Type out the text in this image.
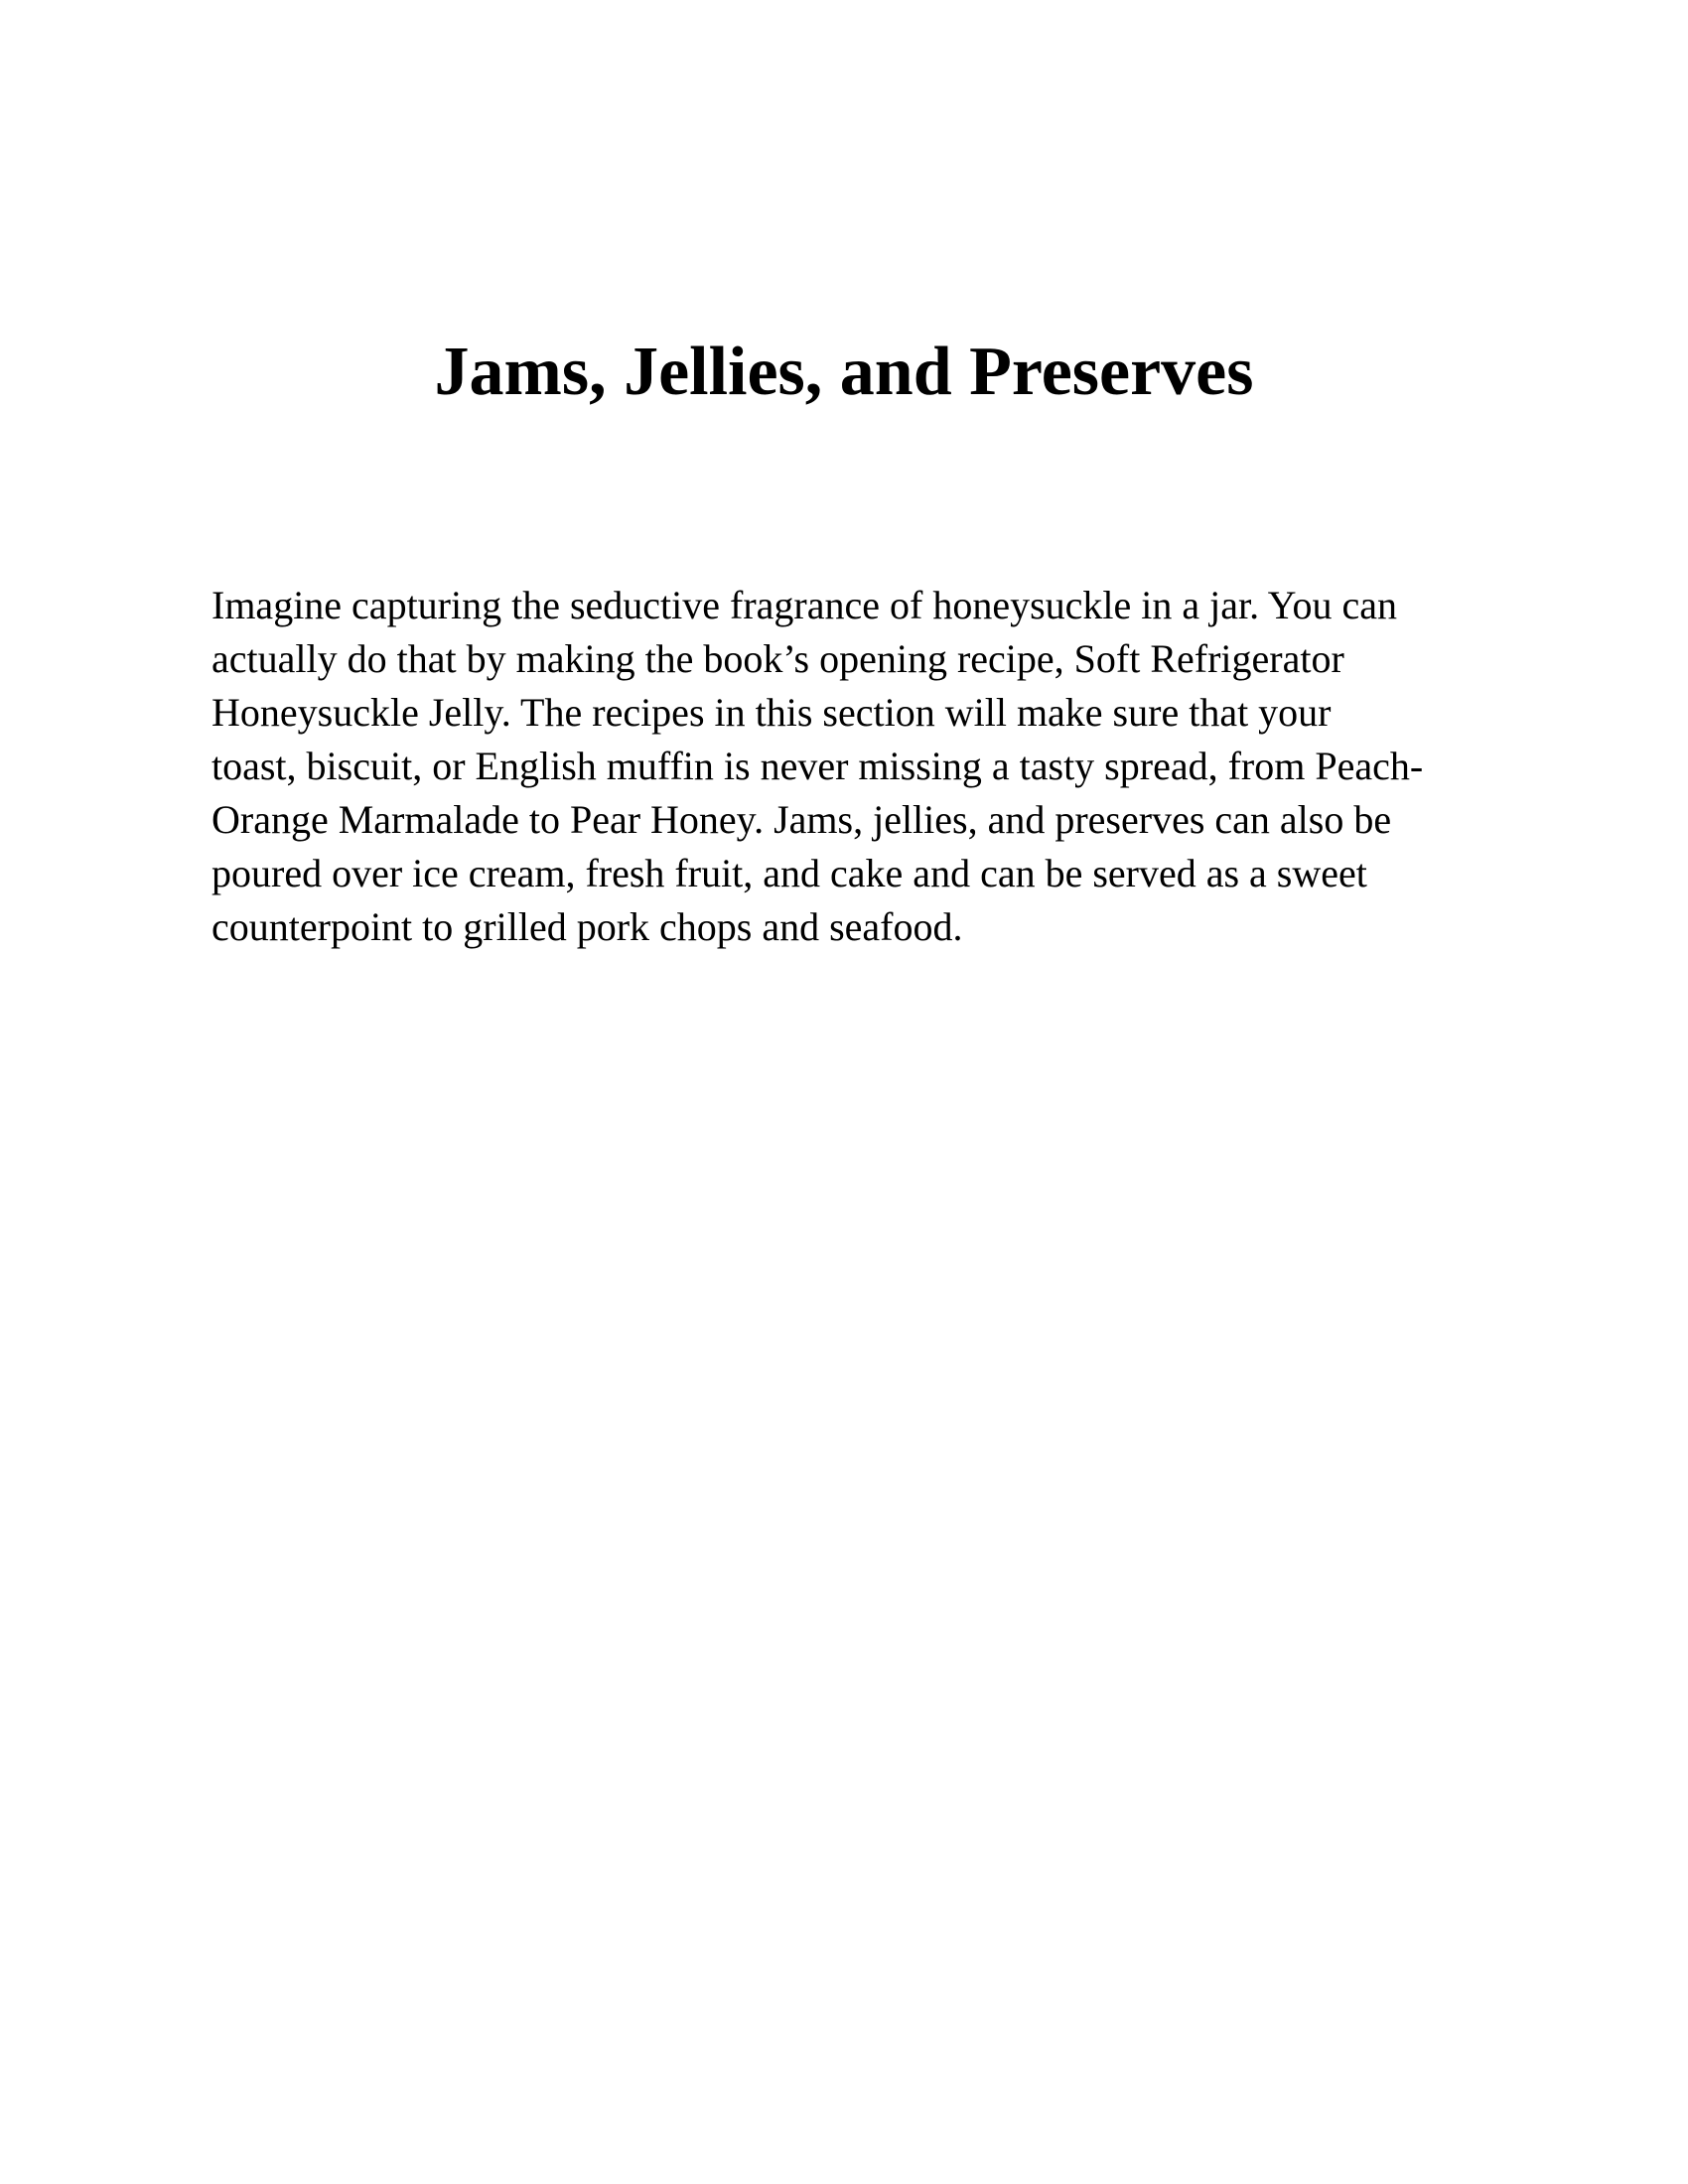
Jams, Jellies, and Preserves
Imagine capturing the seductive fragrance of honeysuckle in a jar. You can
actually do that by making the book’s opening recipe, Soft Refrigerator
Honeysuckle Jelly. The recipes in this section will make sure that your
toast, biscuit, or English muffin is never missing a tasty spread, from Peach-
Orange Marmalade to Pear Honey. Jams, jellies, and preserves can also be
poured over ice cream, fresh fruit, and cake and can be served as a sweet
counterpoint to grilled pork chops and seafood.
